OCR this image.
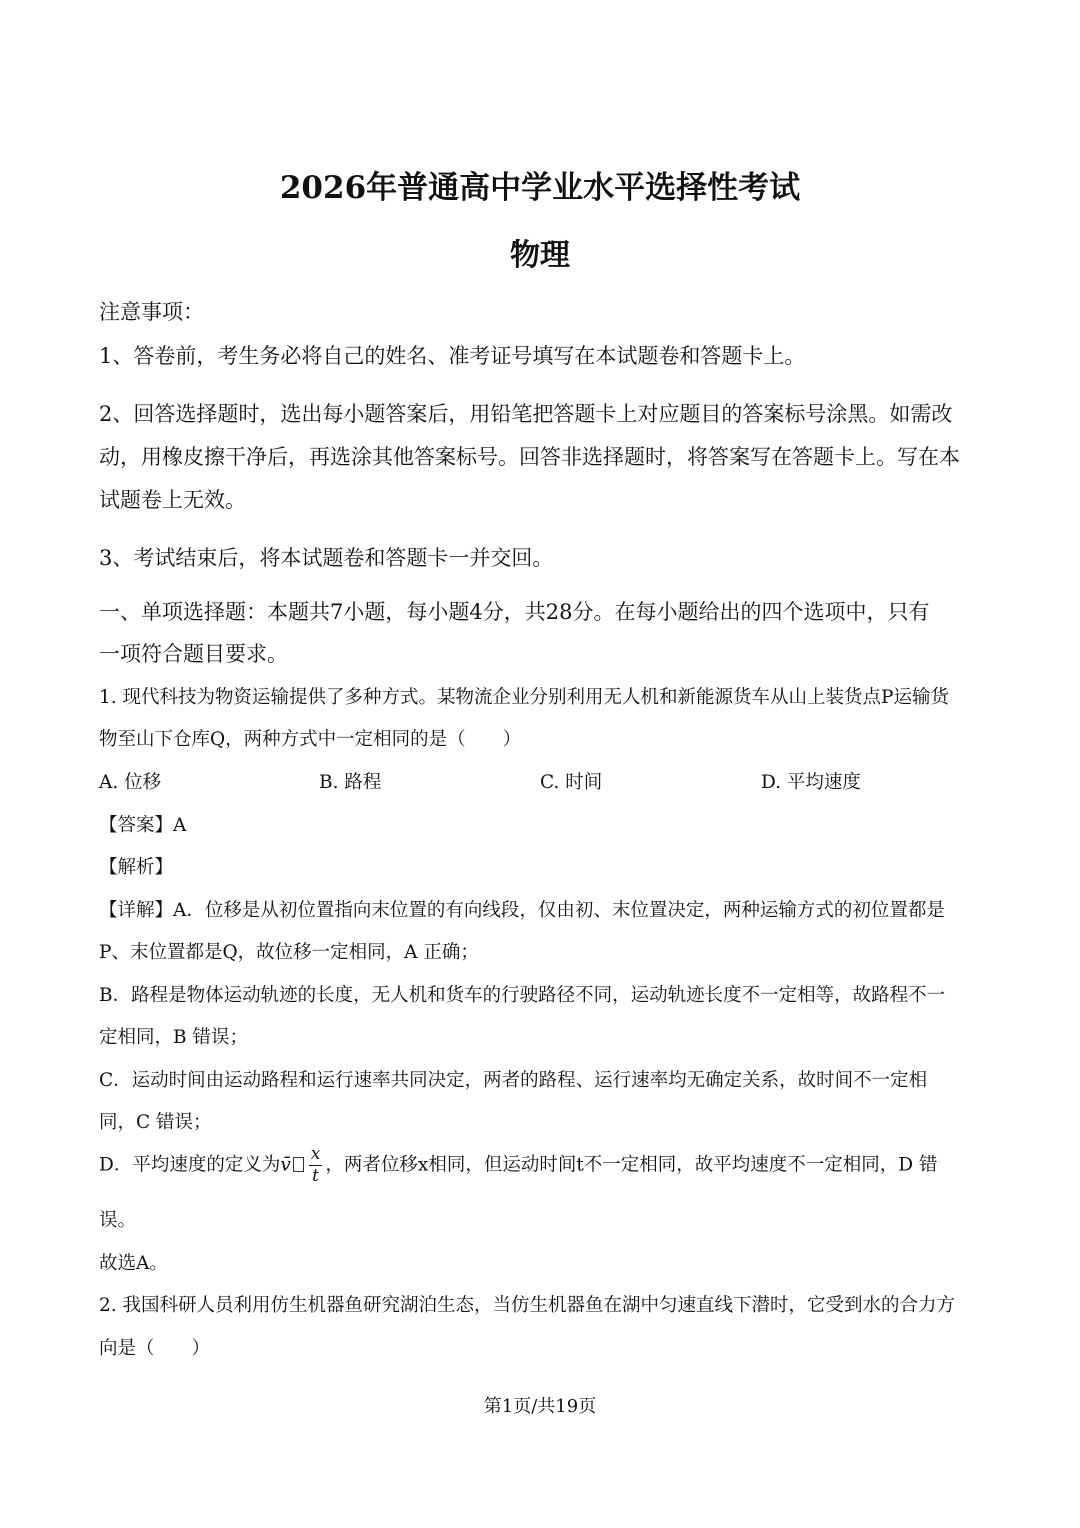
2026年普通高中学业水平选择性考试
物理
注意事项：
1、答卷前，考生务必将自己的姓名、准考证号填写在本试题卷和答题卡上。
2、回答选择题时，选出每小题答案后，用铅笔把答题卡上对应题目的答案标号涂黑。如需改
动，用橡皮擦干净后，再选涂其他答案标号。回答非选择题时，将答案写在答题卡上。写在本
试题卷上无效。
3、考试结束后，将本试题卷和答题卡一并交回。
一、单项选择题：本题共7小题，每小题4分，共28分。在每小题给出的四个选项中，只有
一项符合题目要求。
1. 现代科技为物资运输提供了多种方式。某物流企业分别利用无人机和新能源货车从山上装货点P运输货
物至山下仓库Q，两种方式中一定相同的是（　　）
A. 位移	B. 路程	C. 时间	D. 平均速度
【答案】A
【解析】
【详解】A．位移是从初位置指向末位置的有向线段，仅由初、末位置决定，两种运输方式的初位置都是
P、末位置都是Q，故位移一定相同，A 正确；
B．路程是物体运动轨迹的长度，无人机和货车的行驶路径不同，运动轨迹长度不一定相等，故路程不一
定相同，B 错误；
C．运动时间由运动路程和运行速率共同决定，两者的路程、运行速率均无确定关系，故时间不一定相
同，C 错误；
D．平均速度的定义为v̄ $\frac{x}{t}$ ，两者位移x相同，但运动时间t不一定相同，故平均速度不一定相同，D 错
误。
故选A。
2. 我国科研人员利用仿生机器鱼研究湖泊生态，当仿生机器鱼在湖中匀速直线下潜时，它受到水的合力方
向是（　　）
第1页/共19页
